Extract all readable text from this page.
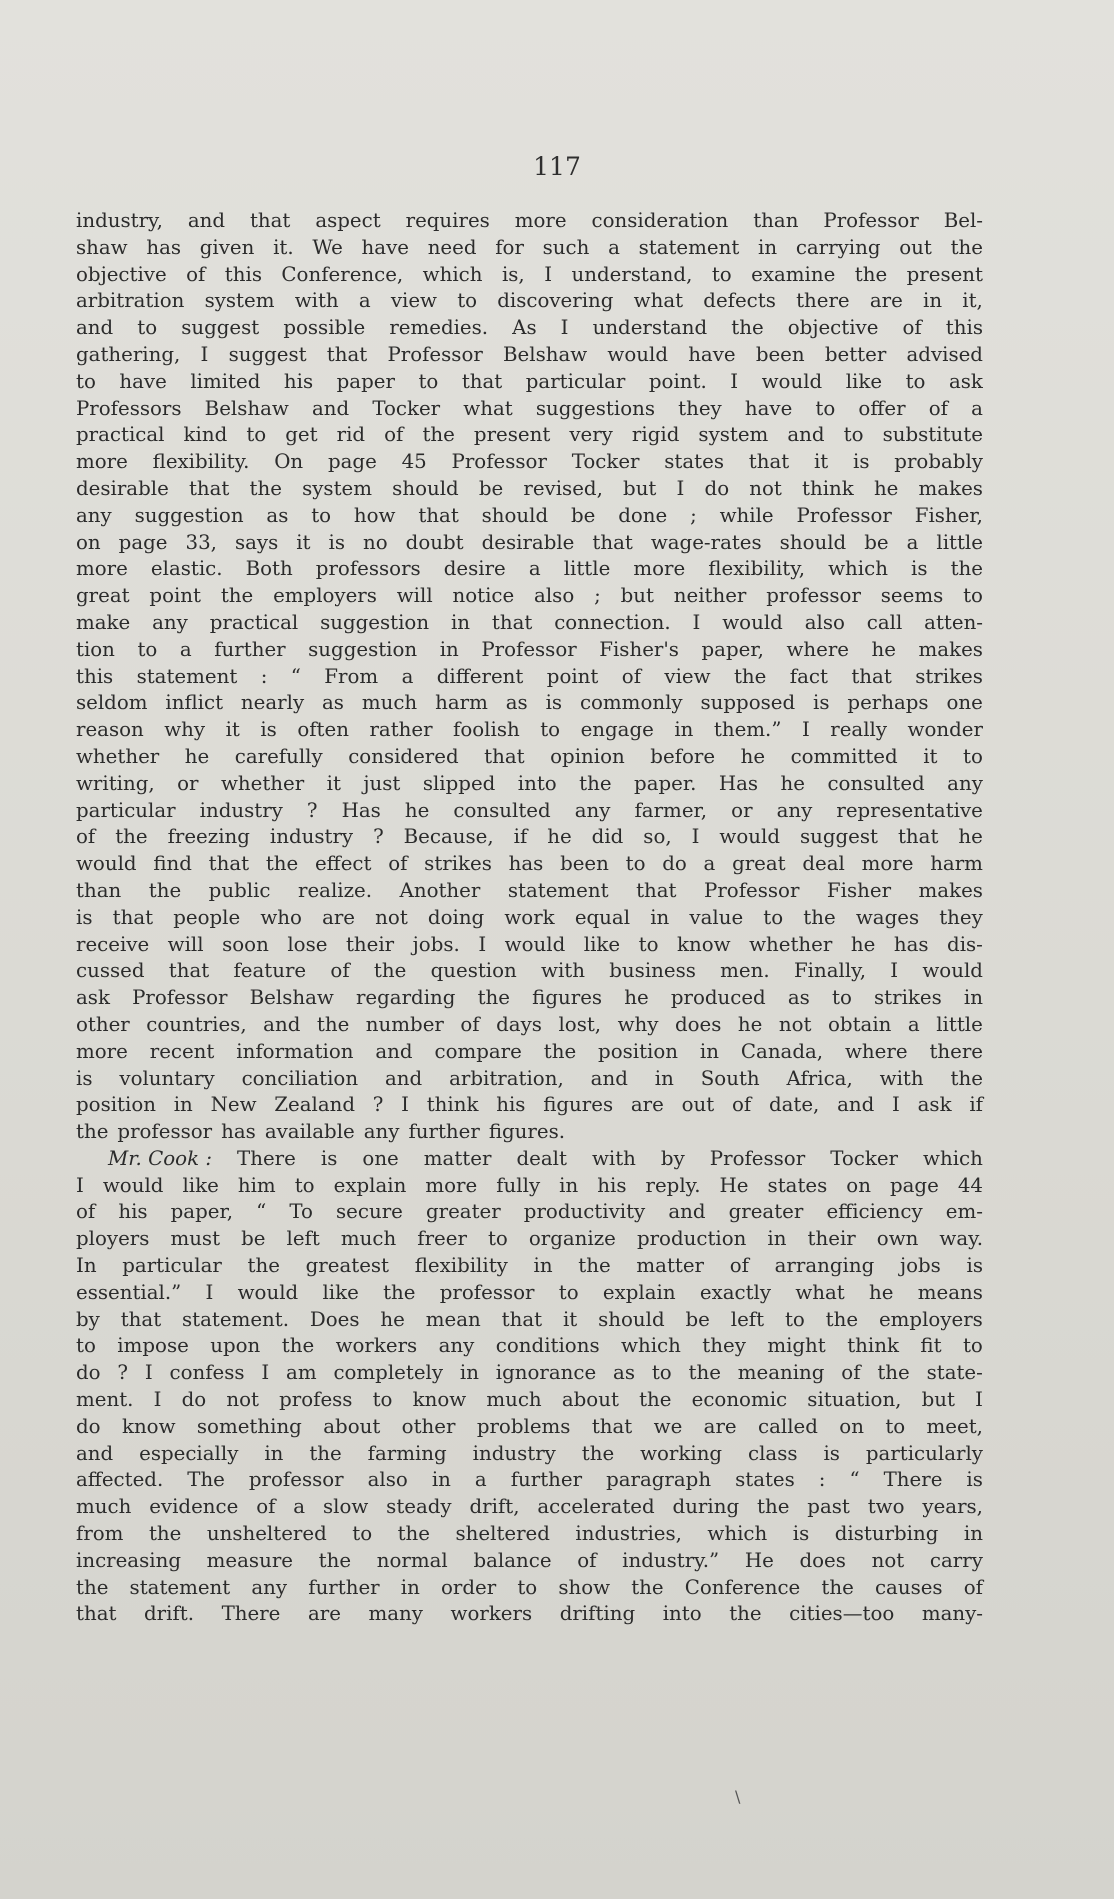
117

industry, and that aspect requires more consideration than Professor Bel-
shaw has given it. We have need for such a statement in carrying out the
objective of this Conference, which is, I understand, to examine the present
arbitration system with a view to discovering what defects there are in it,
and to suggest possible remedies. As I understand the objective of this
gathering, I suggest that Professor Belshaw would have been better advised
to have limited his paper to that particular point. I would like to ask
Professors Belshaw and Tocker what suggestions they have to offer of a
practical kind to get rid of the present very rigid system and to substitute
more flexibility. On page 45 Professor Tocker states that it is probably
desirable that the system should be revised, but I do not think he makes
any suggestion as to how that should be done ; while Professor Fisher,
on page 33, says it is no doubt desirable that wage-rates should be a little
more elastic. Both professors desire a little more flexibility, which is the
great point the employers will notice also ; but neither professor seems to
make any practical suggestion in that connection. I would also call atten-
tion to a further suggestion in Professor Fisher's paper, where he makes
this statement : “ From a different point of view the fact that strikes
seldom inflict nearly as much harm as is commonly supposed is perhaps one
reason why it is often rather foolish to engage in them.” I really wonder
whether he carefully considered that opinion before he committed it to
writing, or whether it just slipped into the paper. Has he consulted any
particular industry ? Has he consulted any farmer, or any representative
of the freezing industry ? Because, if he did so, I would suggest that he
would find that the effect of strikes has been to do a great deal more harm
than the public realize. Another statement that Professor Fisher makes
is that people who are not doing work equal in value to the wages they
receive will soon lose their jobs. I would like to know whether he has dis-
cussed that feature of the question with business men. Finally, I would
ask Professor Belshaw regarding the figures he produced as to strikes in
other countries, and the number of days lost, why does he not obtain a little
more recent information and compare the position in Canada, where there
is voluntary conciliation and arbitration, and in South Africa, with the
position in New Zealand ? I think his figures are out of date, and I ask if
the professor has available any further figures.
Mr. Cook : There is one matter dealt with by Professor Tocker which
I would like him to explain more fully in his reply. He states on page 44
of his paper, “ To secure greater productivity and greater efficiency em-
ployers must be left much freer to organize production in their own way.
In particular the greatest flexibility in the matter of arranging jobs is
essential.” I would like the professor to explain exactly what he means
by that statement. Does he mean that it should be left to the employers
to impose upon the workers any conditions which they might think fit to
do ? I confess I am completely in ignorance as to the meaning of the state-
ment. I do not profess to know much about the economic situation, but I
do know something about other problems that we are called on to meet,
and especially in the farming industry the working class is particularly
affected. The professor also in a further paragraph states : “ There is
much evidence of a slow steady drift, accelerated during the past two years,
from the unsheltered to the sheltered industries, which is disturbing in
increasing measure the normal balance of industry.” He does not carry
the statement any further in order to show the Conference the causes of
that drift. There are many workers drifting into the cities—too many-
\
